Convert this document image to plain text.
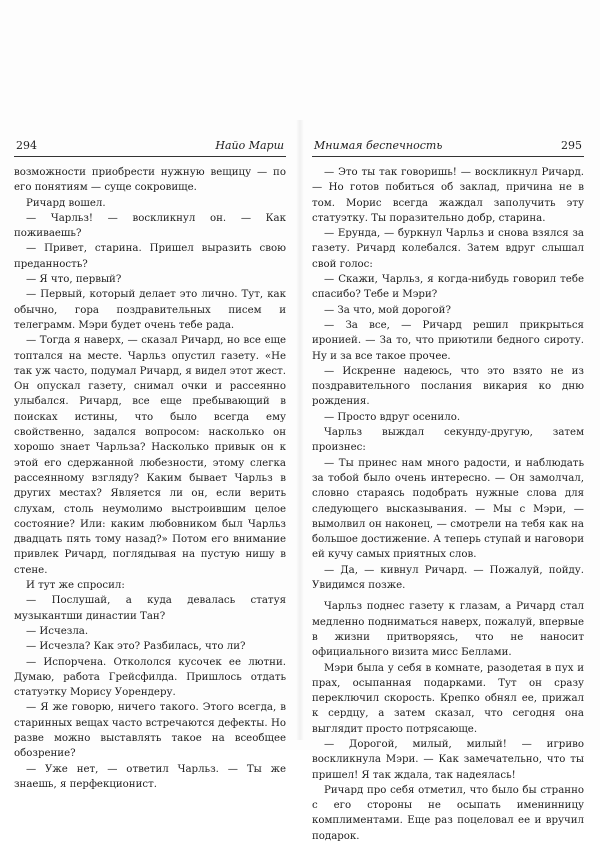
294	Найо Марш

возможности приобрести нужную вещицу — по его понятиям — суще сокровище.

Ричард вошел.

— Чарльз! — воскликнул он. — Как поживаешь?

— Привет, старина. Пришел выразить свою преданность?

— Я что, первый?

— Первый, который делает это лично. Тут, как обычно, гора поздравительных писем и телеграмм. Мэри будет очень тебе рада.

— Тогда я наверх, — сказал Ричард, но все еще топтался на месте. Чарльз опустил газету. «Не так уж часто, подумал Ричард, я видел этот жест. Он опускал газету, снимал очки и рассеянно улыбался. Ричард, все еще пребывающий в поисках истины, что было всегда ему свойственно, задался вопросом: насколько он хорошо знает Чарльза? Насколько привык он к этой его сдержанной любезности, этому слегка рассеянному взгляду? Каким бывает Чарльз в других местах? Является ли он, если верить слухам, столь неумолимо выстроившим целое состояние? Или: каким любовником был Чарльз двадцать пять тому назад?» Потом его внимание привлек Ричард, поглядывая на пустую нишу в стене.

И тут же спросил:

— Послушай, а куда девалась статуя музыкантши династии Тан?

— Исчезла.

— Исчезла? Как это? Разбилась, что ли?

— Испорчена. Откололся кусочек ее лютни. Думаю, работа Грейсфилда. Пришлось отдать статуэтку Морису Уорендеру.

— Я же говорю, ничего такого. Этого всегда, в старинных вещах часто встречаются дефекты. Но разве можно выставлять такое на всеобщее обозрение?

— Уже нет, — ответил Чарльз. — Ты же знаешь, я перфекционист.

Мнимая беспечность	295

— Это ты так говоришь! — воскликнул Ричард. — Но готов побиться об заклад, причина не в том. Морис всегда жаждал заполучить эту статуэтку. Ты поразительно добр, старина.

— Ерунда, — буркнул Чарльз и снова взялся за газету. Ричард колебался. Затем вдруг слышал свой голос:

— Скажи, Чарльз, я когда-нибудь говорил тебе спасибо? Тебе и Мэри?

— За что, мой дорогой?

— За все, — Ричард решил прикрыться иронией. — За то, что приютили бедного сироту. Ну и за все такое прочее.

— Искренне надеюсь, что это взято не из поздравительного послания викария ко дню рождения.

— Просто вдруг осенило.

Чарльз выждал секунду-другую, затем произнес:

— Ты принес нам много радости, и наблюдать за тобой было очень интересно. — Он замолчал, словно стараясь подобрать нужные слова для следующего высказывания. — Мы с Мэри, — вымолвил он наконец, — смотрели на тебя как на большое достижение. А теперь ступай и наговори ей кучу самых приятных слов.

— Да, — кивнул Ричард. — Пожалуй, пойду. Увидимся позже.

Чарльз поднес газету к глазам, а Ричард стал медленно подниматься наверх, пожалуй, впервые в жизни притворяясь, что не наносит официального визита мисс Беллами.

Мэри была у себя в комнате, разодетая в пух и прах, осыпанная подарками. Тут он сразу переключил скорость. Крепко обнял ее, прижал к сердцу, а затем сказал, что сегодня она выглядит просто потрясающе.

— Дорогой, милый, милый! — игриво воскликнула Мэри. — Как замечательно, что ты пришел! Я так ждала, так надеялась!

Ричард про себя отметил, что было бы странно с его стороны не осыпать именинницу комплиментами. Еще раз поцеловал ее и вручил подарок.
